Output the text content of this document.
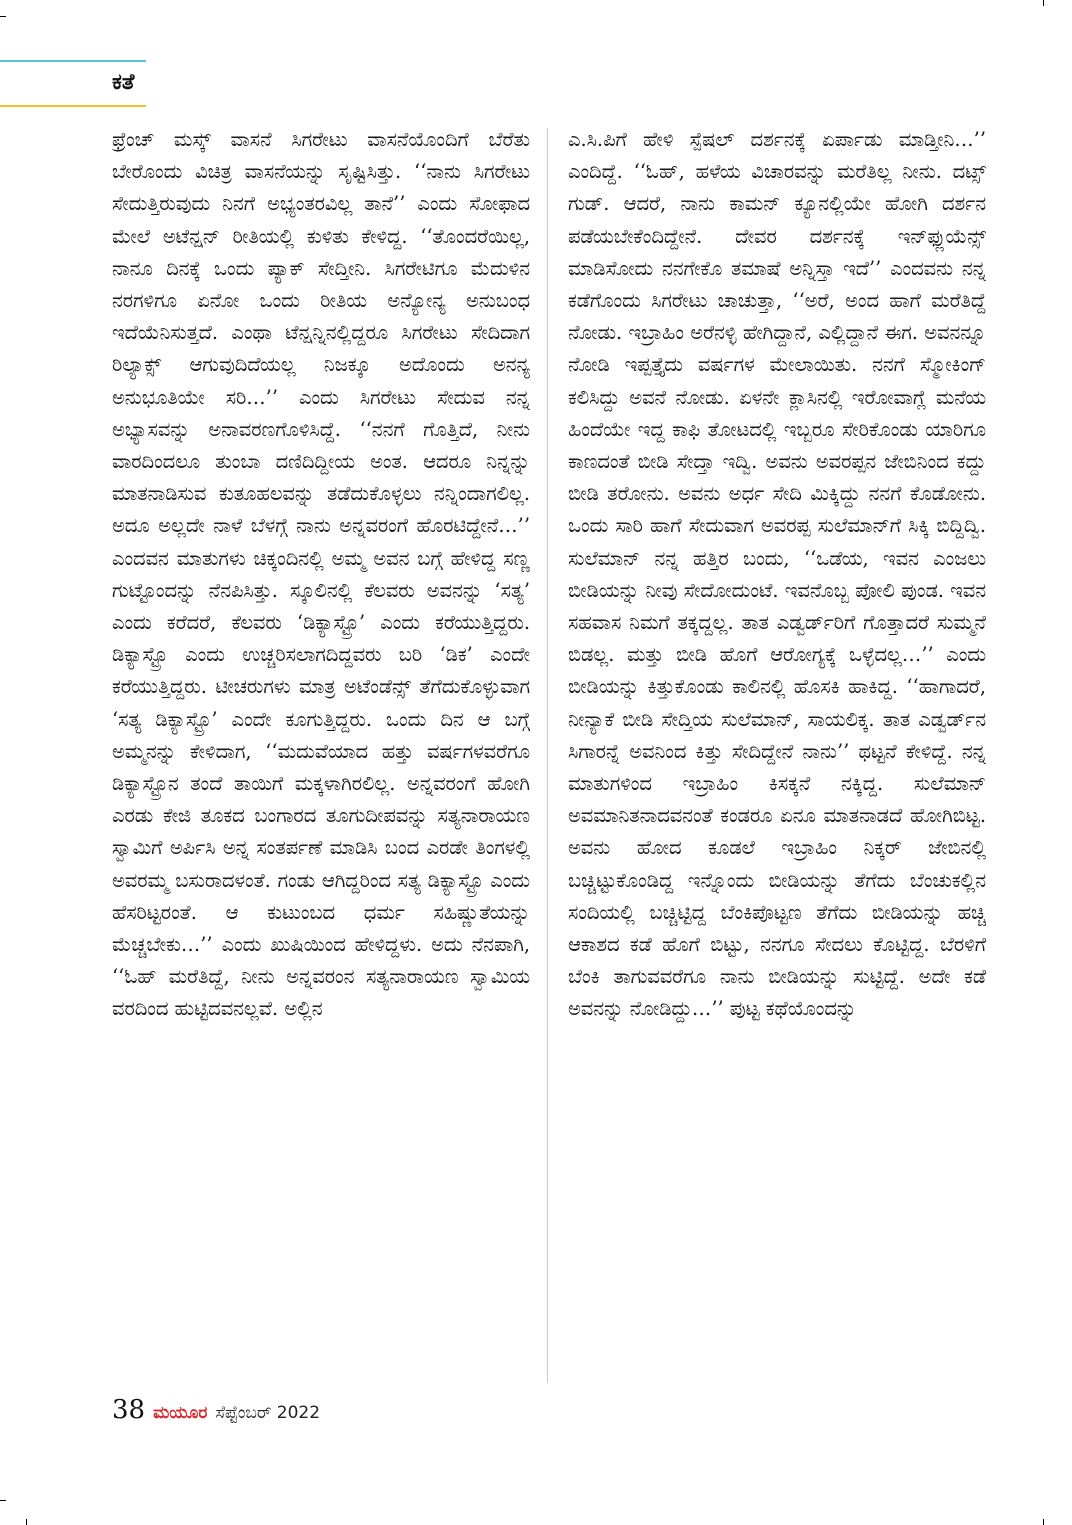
ಕತೆ

ಫ್ರೆಂಚ್ ಮಸ್ಕ್ ವಾಸನೆ ಸಿಗರೇಟು ವಾಸನೆಯೊಂದಿಗೆ ಬೆರೆತು ಬೇರೊಂದು ವಿಚಿತ್ರ ವಾಸನೆಯನ್ನು ಸೃಷ್ಟಿಸಿತ್ತು. ‘‘ನಾನು ಸಿಗರೇಟು ಸೇದುತ್ತಿರುವುದು ನಿನಗೆ ಅಭ್ಯಂತರವಿಲ್ಲ ತಾನೆ’’ ಎಂದು ಸೋಫಾದ ಮೇಲೆ ಅಟೆನ್ಷನ್ ರೀತಿಯಲ್ಲಿ ಕುಳಿತು ಕೇಳಿದ್ದ. ‘‘ತೊಂದರೆಯಿಲ್ಲ, ನಾನೂ ದಿನಕ್ಕೆ ಒಂದು ಪ್ಯಾಕ್ ಸೇದ್ತೀನಿ. ಸಿಗರೇಟಿಗೂ ಮೆದುಳಿನ ನರಗಳಿಗೂ ಏನೋ ಒಂದು ರೀತಿಯ ಅನ್ಯೋನ್ಯ ಅನುಬಂಧ ಇದೆಯೆನಿಸುತ್ತದೆ. ಎಂಥಾ ಟೆನ್ಷನ್ನಿನಲ್ಲಿದ್ದರೂ ಸಿಗರೇಟು ಸೇದಿದಾಗ ರಿಲ್ಯಾಕ್ಸ್ ಆಗುವುದಿದೆಯಲ್ಲ ನಿಜಕ್ಕೂ ಅದೊಂದು ಅನನ್ಯ ಅನುಭೂತಿಯೇ ಸರಿ…’’ ಎಂದು ಸಿಗರೇಟು ಸೇದುವ ನನ್ನ ಅಭ್ಯಾಸವನ್ನು ಅನಾವರಣಗೊಳಿಸಿದ್ದೆ. ‘‘ನನಗೆ ಗೊತ್ತಿದೆ, ನೀನು ವಾರದಿಂದಲೂ ತುಂಬಾ ದಣಿದಿದ್ದೀಯ ಅಂತ. ಆದರೂ ನಿನ್ನನ್ನು ಮಾತನಾಡಿಸುವ ಕುತೂಹಲವನ್ನು ತಡೆದುಕೊಳ್ಳಲು ನನ್ನಿಂದಾಗಲಿಲ್ಲ. ಅದೂ ಅಲ್ಲದೇ ನಾಳೆ ಬೆಳಗ್ಗೆ ನಾನು ಅನ್ನವರಂಗೆ ಹೊರಟಿದ್ದೇನೆ…’’ ಎಂದವನ ಮಾತುಗಳು ಚಿಕ್ಕಂದಿನಲ್ಲಿ ಅಮ್ಮ ಅವನ ಬಗ್ಗೆ ಹೇಳಿದ್ದ ಸಣ್ಣ ಗುಟ್ಟೊಂದನ್ನು ನೆನಪಿಸಿತ್ತು. ಸ್ಕೂಲಿನಲ್ಲಿ ಕೆಲವರು ಅವನನ್ನು ‘ಸತ್ಯ’ ಎಂದು ಕರೆದರೆ, ಕೆಲವರು ‘ಡಿಕ್ಯಾಸ್ಟ್ರೊ’ ಎಂದು ಕರೆಯುತ್ತಿದ್ದರು. ಡಿಕ್ಯಾಸ್ಟ್ರೊ ಎಂದು ಉಚ್ಚರಿಸಲಾಗದಿದ್ದವರು ಬರಿ ‘ಡಿಕ’ ಎಂದೇ ಕರೆಯುತ್ತಿದ್ದರು. ಟೀಚರುಗಳು ಮಾತ್ರ ಅಟೆಂಡೆನ್ಸ್ ತೆಗೆದುಕೊಳ್ಳುವಾಗ ‘ಸತ್ಯ ಡಿಕ್ಯಾಸ್ಟ್ರೊ’ ಎಂದೇ ಕೂಗುತ್ತಿದ್ದರು. ಒಂದು ದಿನ ಆ ಬಗ್ಗೆ ಅಮ್ಮನನ್ನು ಕೇಳಿದಾಗ, ‘‘ಮದುವೆಯಾದ ಹತ್ತು ವರ್ಷಗಳವರೆಗೂ ಡಿಕ್ಯಾಸ್ಟ್ರೊನ ತಂದೆ ತಾಯಿಗೆ ಮಕ್ಕಳಾಗಿರಲಿಲ್ಲ. ಅನ್ನವರಂಗೆ ಹೋಗಿ ಎರಡು ಕೇಜಿ ತೂಕದ ಬಂಗಾರದ ತೂಗುದೀಪವನ್ನು ಸತ್ಯನಾರಾಯಣ ಸ್ವಾಮಿಗೆ ಅರ್ಪಿಸಿ ಅನ್ನ ಸಂತರ್ಪಣೆ ಮಾಡಿಸಿ ಬಂದ ಎರಡೇ ತಿಂಗಳಲ್ಲಿ ಅವರಮ್ಮ ಬಸುರಾದಳಂತೆ. ಗಂಡು ಆಗಿದ್ದರಿಂದ ಸತ್ಯ ಡಿಕ್ಯಾಸ್ಟ್ರೊ ಎಂದು ಹೆಸರಿಟ್ಟರಂತೆ. ಆ ಕುಟುಂಬದ ಧರ್ಮ ಸಹಿಷ್ಣುತೆಯನ್ನು ಮೆಚ್ಚಬೇಕು…’’ ಎಂದು ಖುಷಿಯಿಂದ ಹೇಳಿದ್ದಳು. ಅದು ನೆನಪಾಗಿ, ‘‘ಓಹ್ ಮರೆತಿದ್ದೆ, ನೀನು ಅನ್ನವರಂನ ಸತ್ಯನಾರಾಯಣ ಸ್ವಾಮಿಯ ವರದಿಂದ ಹುಟ್ಟಿದವನಲ್ಲವೆ. ಅಲ್ಲಿನ

ಎ.ಸಿ.ಪಿಗೆ ಹೇಳಿ ಸ್ಪೆಷಲ್ ದರ್ಶನಕ್ಕೆ ಏರ್ಪಾಡು ಮಾಡ್ತೀನಿ…’’ ಎಂದಿದ್ದೆ. ‘‘ಓಹ್, ಹಳೆಯ ವಿಚಾರವನ್ನು ಮರೆತಿಲ್ಲ ನೀನು. ದಟ್ಸ್ ಗುಡ್. ಆದರೆ, ನಾನು ಕಾಮನ್ ಕ್ಯೂನಲ್ಲಿಯೇ ಹೋಗಿ ದರ್ಶನ ಪಡೆಯಬೇಕೆಂದಿದ್ದೇನೆ. ದೇವರ ದರ್ಶನಕ್ಕೆ ಇನ್‌ಫ್ಲುಯೆನ್ಸ್ ಮಾಡಿಸೋದು ನನಗೇಕೊ ತಮಾಷೆ ಅನ್ನಿಸ್ತಾ ಇದೆ’’ ಎಂದವನು ನನ್ನ ಕಡೆಗೊಂದು ಸಿಗರೇಟು ಚಾಚುತ್ತಾ, ‘‘ಅರೆ, ಅಂದ ಹಾಗೆ ಮರೆತಿದ್ದೆ ನೋಡು. ಇಬ್ರಾಹಿಂ ಅರೆನಳ್ಳಿ ಹೇಗಿದ್ದಾನೆ, ಎಲ್ಲಿದ್ದಾನೆ ಈಗ. ಅವನನ್ನೂ ನೋಡಿ ಇಪ್ಪತ್ತೈದು ವರ್ಷಗಳ ಮೇಲಾಯಿತು. ನನಗೆ ಸ್ಮೋಕಿಂಗ್ ಕಲಿಸಿದ್ದು ಅವನೆ ನೋಡು. ಏಳನೇ ಕ್ಲಾಸಿನಲ್ಲಿ ಇರೋವಾಗ್ಲೆ ಮನೆಯ ಹಿಂದೆಯೇ ಇದ್ದ ಕಾಫಿ ತೋಟದಲ್ಲಿ ಇಬ್ಬರೂ ಸೇರಿಕೊಂಡು ಯಾರಿಗೂ ಕಾಣದಂತೆ ಬೀಡಿ ಸೇದ್ತಾ ಇದ್ವಿ. ಅವನು ಅವರಪ್ಪನ ಜೇಬಿನಿಂದ ಕದ್ದು ಬೀಡಿ ತರೋನು. ಅವನು ಅರ್ಧ ಸೇದಿ ಮಿಕ್ಕಿದ್ದು ನನಗೆ ಕೊಡೋನು. ಒಂದು ಸಾರಿ ಹಾಗೆ ಸೇದುವಾಗ ಅವರಪ್ಪ ಸುಲೆಮಾನ್‌ಗೆ ಸಿಕ್ಕಿ ಬಿದ್ದಿದ್ವಿ. ಸುಲೆಮಾನ್ ನನ್ನ ಹತ್ತಿರ ಬಂದು, ‘‘ಒಡೆಯ, ಇವನ ಎಂಜಲು ಬೀಡಿಯನ್ನು ನೀವು ಸೇದೋದುಂಟೆ. ಇವನೊಬ್ಬ ಪೋಲಿ ಪುಂಡ. ಇವನ ಸಹವಾಸ ನಿಮಗೆ ತಕ್ಕದ್ದಲ್ಲ. ತಾತ ಎಡ್ವರ್ಡ್‌ರಿಗೆ ಗೊತ್ತಾದರೆ ಸುಮ್ಮನೆ ಬಿಡಲ್ಲ. ಮತ್ತು ಬೀಡಿ ಹೊಗೆ ಆರೋಗ್ಯಕ್ಕೆ ಒಳ್ಳೆದಲ್ಲ…’’ ಎಂದು ಬೀಡಿಯನ್ನು ಕಿತ್ತುಕೊಂಡು ಕಾಲಿನಲ್ಲಿ ಹೊಸಕಿ ಹಾಕಿದ್ದ. ‘‘ಹಾಗಾದರೆ, ನೀನ್ಯಾಕೆ ಬೀಡಿ ಸೇದ್ತಿಯ ಸುಲೆಮಾನ್, ಸಾಯಲಿಕ್ಕ. ತಾತ ಎಡ್ವರ್ಡ್‌ನ ಸಿಗಾರನ್ನೆ ಅವನಿಂದ ಕಿತ್ತು ಸೇದಿದ್ದೇನೆ ನಾನು’’ ಥಟ್ಟನೆ ಕೇಳಿದ್ದೆ. ನನ್ನ ಮಾತುಗಳಿಂದ ಇಬ್ರಾಹಿಂ ಕಿಸಕ್ಕನೆ ನಕ್ಕಿದ್ದ. ಸುಲೆಮಾನ್ ಅವಮಾನಿತನಾದವನಂತೆ ಕಂಡರೂ ಏನೂ ಮಾತನಾಡದೆ ಹೋಗಿಬಿಟ್ಟ. ಅವನು ಹೋದ ಕೂಡಲೆ ಇಬ್ರಾಹಿಂ ನಿಕ್ಕರ್ ಜೇಬಿನಲ್ಲಿ ಬಚ್ಚಿಟ್ಟುಕೊಂಡಿದ್ದ ಇನ್ನೊಂದು ಬೀಡಿಯನ್ನು ತೆಗೆದು ಬೆಂಚುಕಲ್ಲಿನ ಸಂದಿಯಲ್ಲಿ ಬಚ್ಚಿಟ್ಟಿದ್ದ ಬೆಂಕಿಪೊಟ್ಟಣ ತೆಗೆದು ಬೀಡಿಯನ್ನು ಹಚ್ಚಿ ಆಕಾಶದ ಕಡೆ ಹೊಗೆ ಬಿಟ್ಟು, ನನಗೂ ಸೇದಲು ಕೊಟ್ಟಿದ್ದ. ಬೆರಳಿಗೆ ಬೆಂಕಿ ತಾಗುವವರೆಗೂ ನಾನು ಬೀಡಿಯನ್ನು ಸುಟ್ಟಿದ್ದೆ. ಅದೇ ಕಡೆ ಅವನನ್ನು ನೋಡಿದ್ದು…’’ ಪುಟ್ಟ ಕಥೆಯೊಂದನ್ನು

38 ಮಯೂರ ಸೆಪ್ಟೆಂಬರ್ 2022
